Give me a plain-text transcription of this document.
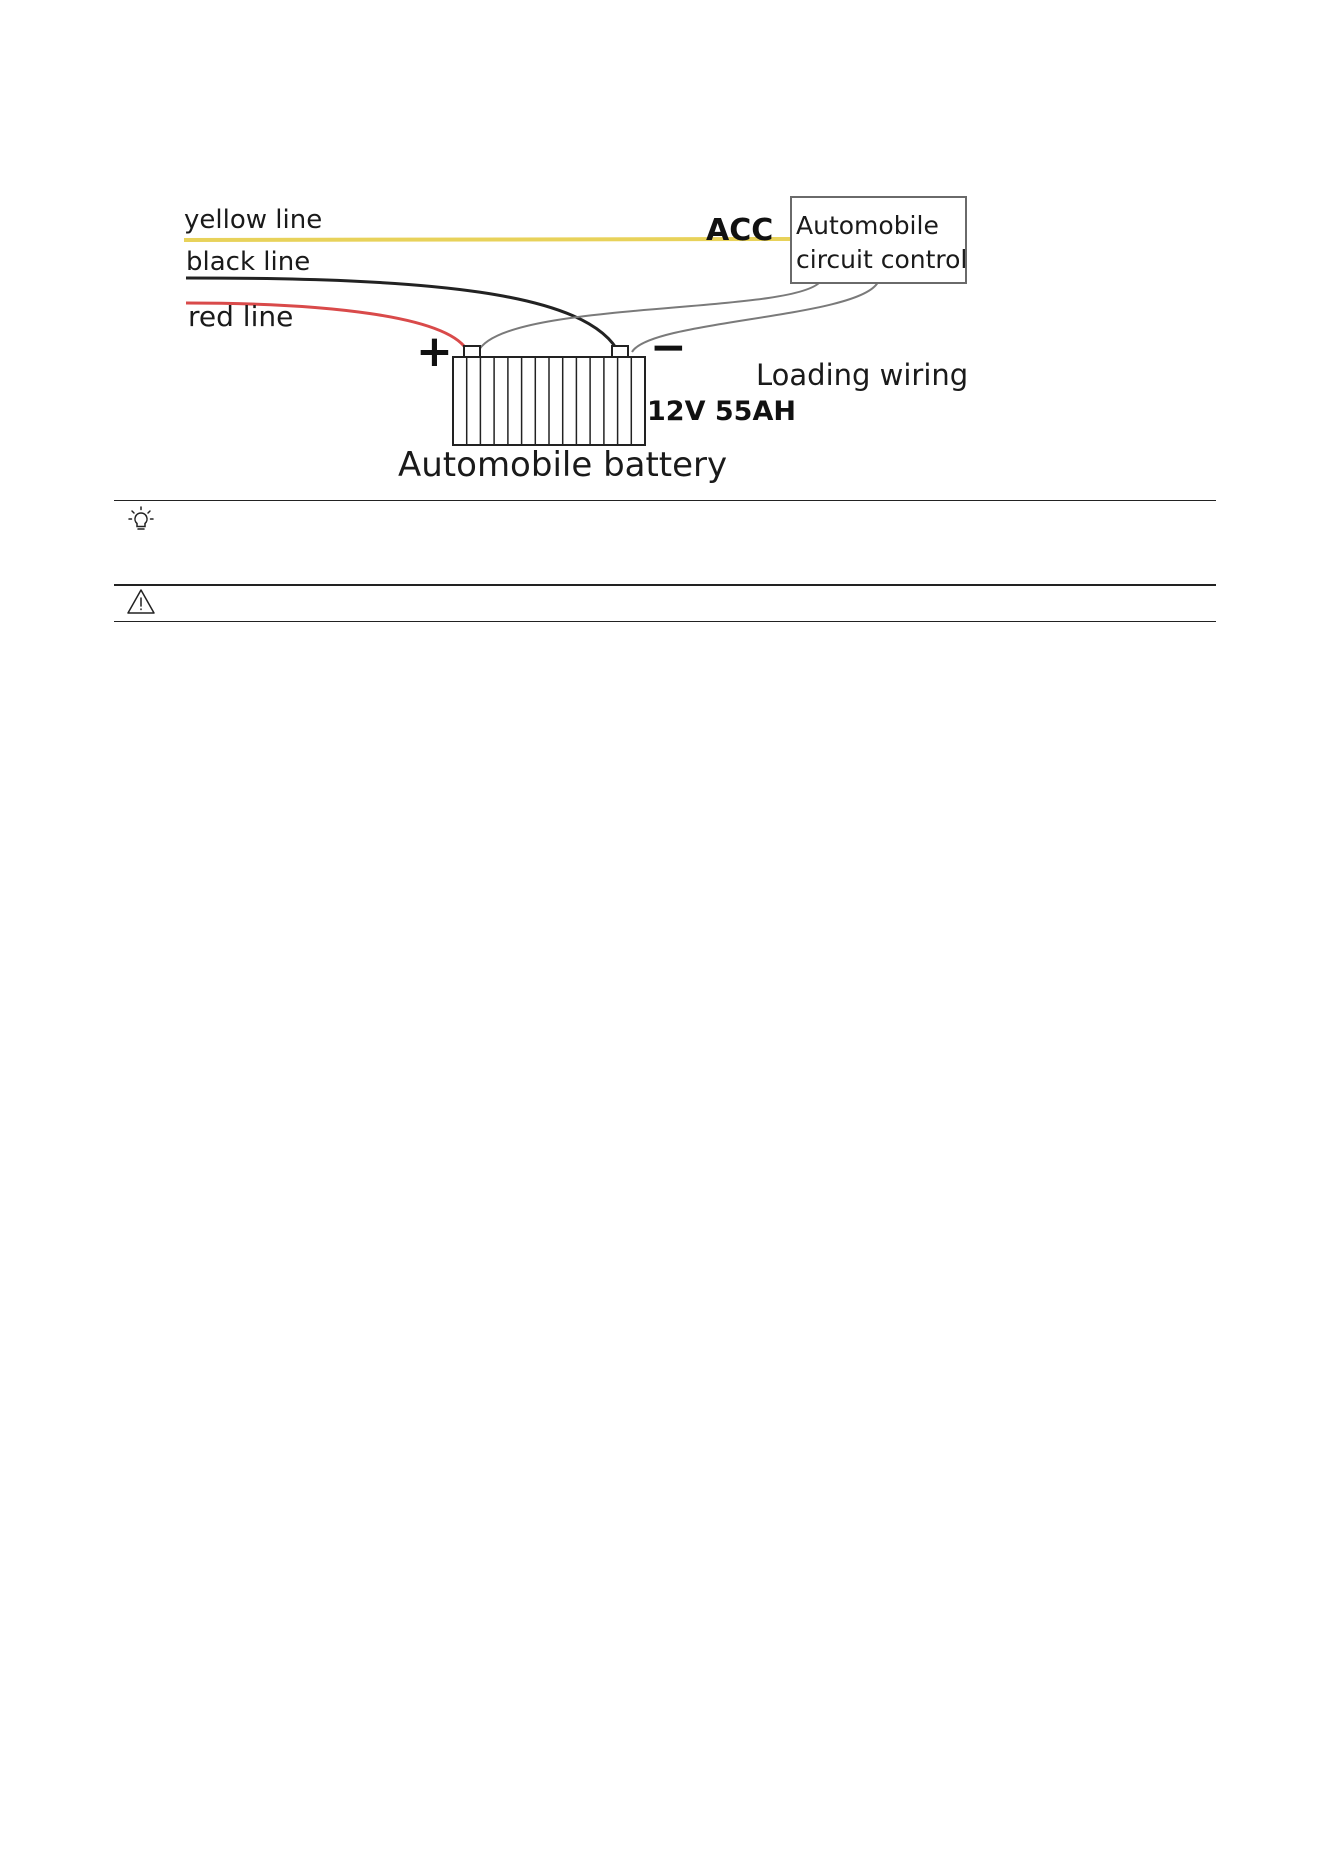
Automobile
circuit control
yellow line
black line
red line
ACC
+	−
Loading wiring
12V 55AH
Automobile battery
